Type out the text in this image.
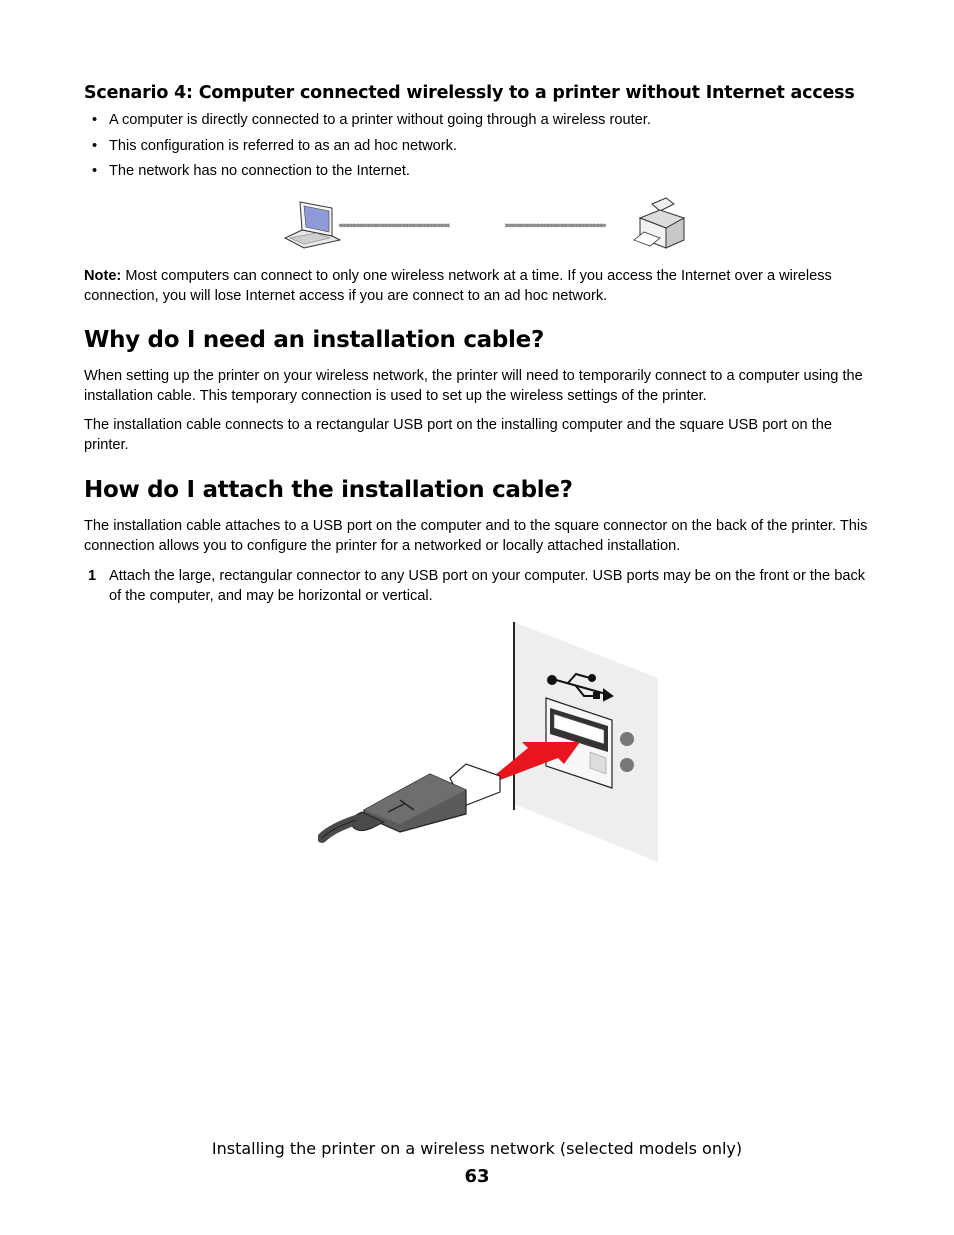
Scenario 4: Computer connected wirelessly to a printer without Internet access
• A computer is directly connected to a printer without going through a wireless router.
• This configuration is referred to as an ad hoc network.
• The network has no connection to the Internet.
‹‹‹‹‹‹‹‹‹‹‹‹‹‹‹‹‹‹‹‹‹‹‹‹‹‹‹‹‹‹‹‹‹‹‹‹‹‹‹‹‹‹‹‹‹‹‹‹‹‹‹‹‹‹‹‹‹‹‹‹‹‹‹‹‹‹‹‹‹‹‹‹‹‹‹‹‹‹‹	››››››››››››››››››››››››››››››››››››››››››››››››››››››››››››››››››››››››

Note: Most computers can connect to only one wireless network at a time. If you access the Internet over a wireless connection, you will lose Internet access if you are connect to an ad hoc network.

Why do I need an installation cable?

When setting up the printer on your wireless network, the printer will need to temporarily connect to a computer using the installation cable. This temporary connection is used to set up the wireless settings of the printer.

The installation cable connects to a rectangular USB port on the installing computer and the square USB port on the printer.

How do I attach the installation cable?

The installation cable attaches to a USB port on the computer and to the square connector on the back of the printer. This connection allows you to configure the printer for a networked or locally attached installation.

1 Attach the large, rectangular connector to any USB port on your computer. USB ports may be on the front or the back of the computer, and may be horizontal or vertical.

Installing the printer on a wireless network (selected models only)
63
